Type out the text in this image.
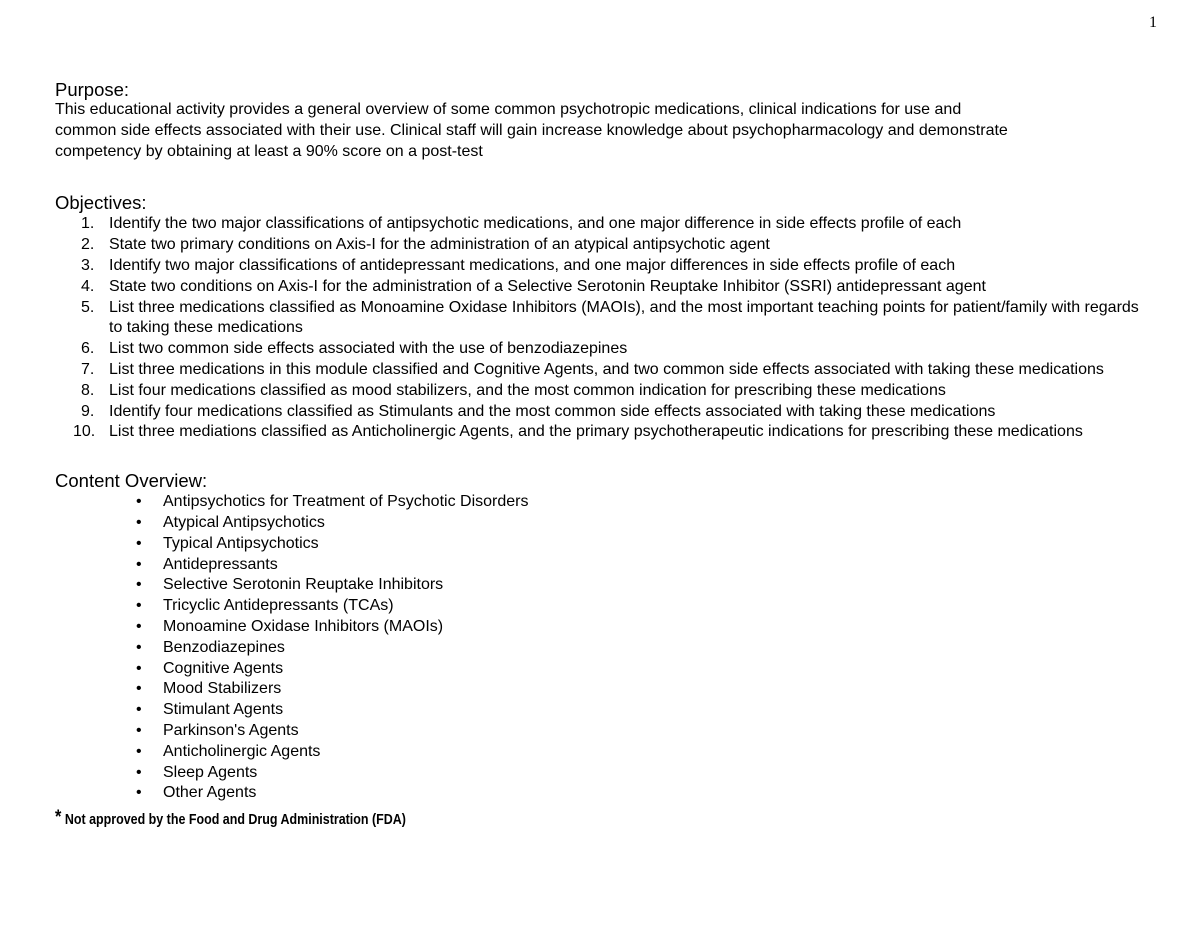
1
Purpose:

This educational activity provides a general overview of some common psychotropic medications, clinical indications for use and
common side effects associated with their use. Clinical staff will gain increase knowledge about psychopharmacology and demonstrate
competency by obtaining at least a 90% score on a post-test

Objectives:
1. Identify the two major classifications of antipsychotic medications, and one major difference in side effects profile of each
2. State two primary conditions on Axis-I for the administration of an atypical antipsychotic agent
3. Identify two major classifications of antidepressant medications, and one major differences in side effects profile of each
4. State two conditions on Axis-I for the administration of a Selective Serotonin Reuptake Inhibitor (SSRI) antidepressant agent
5. List three medications classified as Monoamine Oxidase Inhibitors (MAOIs), and the most important teaching points for patient/family with regards to taking these medications
6. List two common side effects associated with the use of benzodiazepines
7. List three medications in this module classified and Cognitive Agents, and two common side effects associated with taking these medications
8. List four medications classified as mood stabilizers, and the most common indication for prescribing these medications
9. Identify four medications classified as Stimulants and the most common side effects associated with taking these medications
10. List three mediations classified as Anticholinergic Agents, and the primary psychotherapeutic indications for prescribing these medications
Content Overview:
• Antipsychotics for Treatment of Psychotic Disorders
• Atypical Antipsychotics
• Typical Antipsychotics
• Antidepressants
• Selective Serotonin Reuptake Inhibitors
• Tricyclic Antidepressants (TCAs)
• Monoamine Oxidase Inhibitors (MAOIs)
• Benzodiazepines
• Cognitive Agents
• Mood Stabilizers
• Stimulant Agents
• Parkinson's Agents
• Anticholinergic Agents
• Sleep Agents
• Other Agents
* Not approved by the Food and Drug Administration (FDA)
